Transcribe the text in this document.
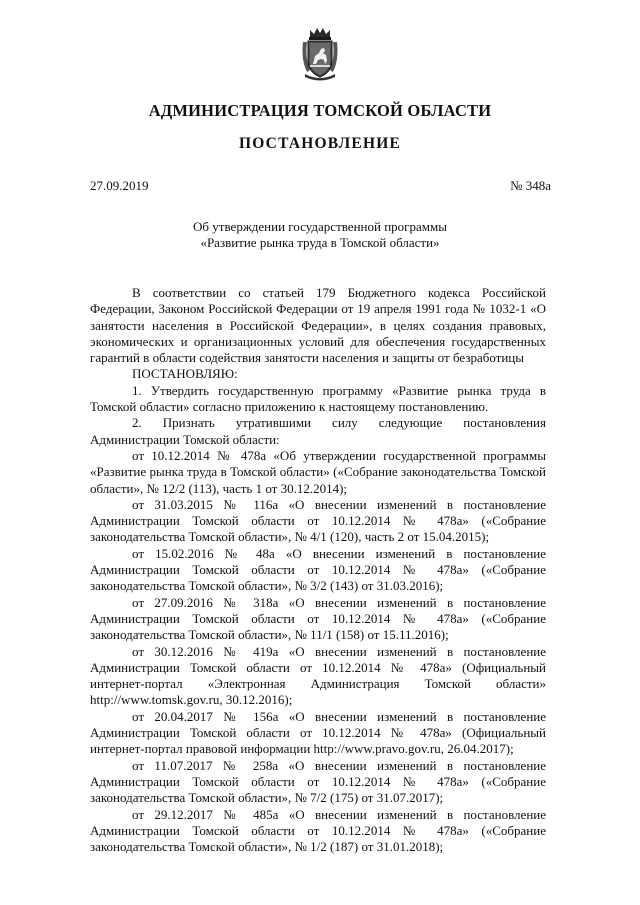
АДМИНИСТРАЦИЯ ТОМСКОЙ ОБЛАСТИ
ПОСТАНОВЛЕНИЕ
27.09.2019	№ 348а
Об утверждении государственной программы
«Развитие рынка труда в Томской области»

В соответствии со статьей 179 Бюджетного кодекса Российской Федерации, Законом Российской Федерации от 19 апреля 1991 года № 1032-1 «О занятости населения в Российской Федерации», в целях создания правовых, экономических и организационных условий для обеспечения государственных гарантий в области содействия занятости населения и защиты от безработицы

ПОСТАНОВЛЯЮ:

1. Утвердить государственную программу «Развитие рынка труда в Томской области» согласно приложению к настоящему постановлению.

2. Признать утратившими силу следующие постановления Администрации Томской области:

от 10.12.2014 № 478а «Об утверждении государственной программы «Развитие рынка труда в Томской области» («Собрание законодательства Томской области», № 12/2 (113), часть 1 от 30.12.2014);

от 31.03.2015 № 116а «О внесении изменений в постановление Администрации Томской области от 10.12.2014 № 478а» («Собрание законодательства Томской области», № 4/1 (120), часть 2 от 15.04.2015);

от 15.02.2016 № 48а «О внесении изменений в постановление Администрации Томской области от 10.12.2014 № 478а» («Собрание законодательства Томской области», № 3/2 (143) от 31.03.2016);

от 27.09.2016 № 318а «О внесении изменений в постановление Администрации Томской области от 10.12.2014 № 478а» («Собрание законодательства Томской области», № 11/1 (158) от 15.11.2016);

от 30.12.2016 № 419а «О внесении изменений в постановление Администрации Томской области от 10.12.2014 № 478а» (Официальный интернет-портал «Электронная Администрация Томской области» http://www.tomsk.gov.ru, 30.12.2016);

от 20.04.2017 № 156а «О внесении изменений в постановление Администрации Томской области от 10.12.2014 № 478а» (Официальный интернет-портал правовой информации http://www.pravo.gov.ru, 26.04.2017);

от 11.07.2017 № 258а «О внесении изменений в постановление Администрации Томской области от 10.12.2014 № 478а» («Собрание законодательства Томской области», № 7/2 (175) от 31.07.2017);

от 29.12.2017 № 485а «О внесении изменений в постановление Администрации Томской области от 10.12.2014 № 478а» («Собрание законодательства Томской области», № 1/2 (187) от 31.01.2018);
